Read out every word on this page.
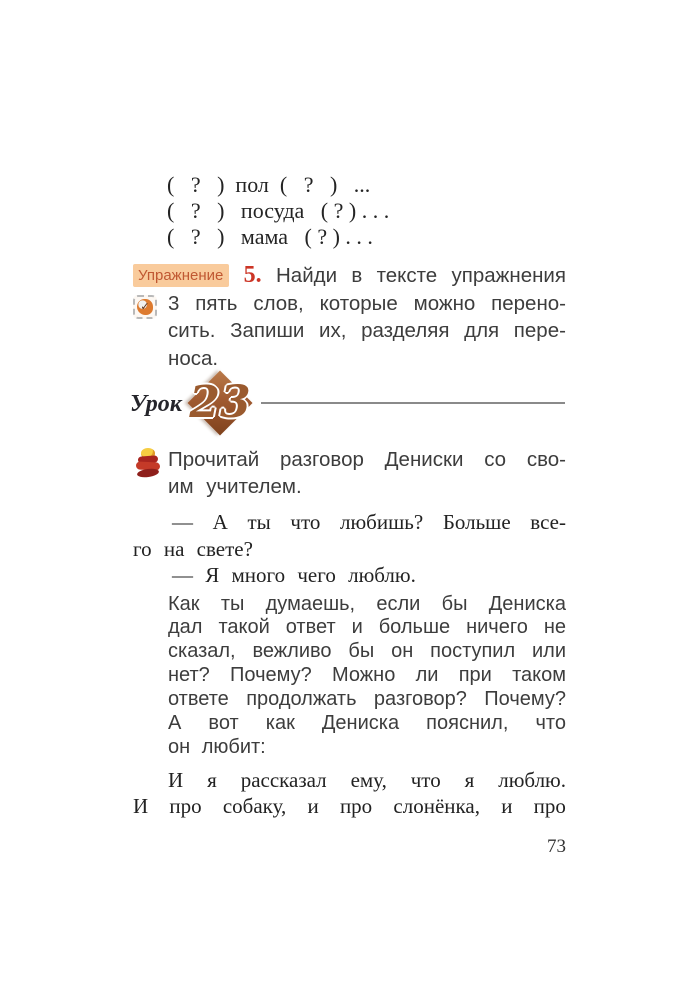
(   ?   )  пол  (   ?   )   ...
(   ?   )   посуда   ( ? ) . . .
(   ?   )   мама   ( ? ) . . .
Упражнение 5. Найди в тексте упражнения
✓ 3 пять слов, которые можно перено-
сить. Запиши их, разделяя для пере-
носа.
Урок 23
Прочитай разговор Дениски со сво-
им учителем.
— А ты что любишь? Больше все-
го на свете?
— Я много чего люблю.
Как ты думаешь, если бы Дениска
дал такой ответ и больше ничего не
сказал, вежливо бы он поступил или
нет? Почему? Можно ли при таком
ответе продолжать разговор? Почему?
А вот как Дениска пояснил, что
он любит:
И я рассказал ему, что я люблю.
И про собаку, и про слонёнка, и про
73
